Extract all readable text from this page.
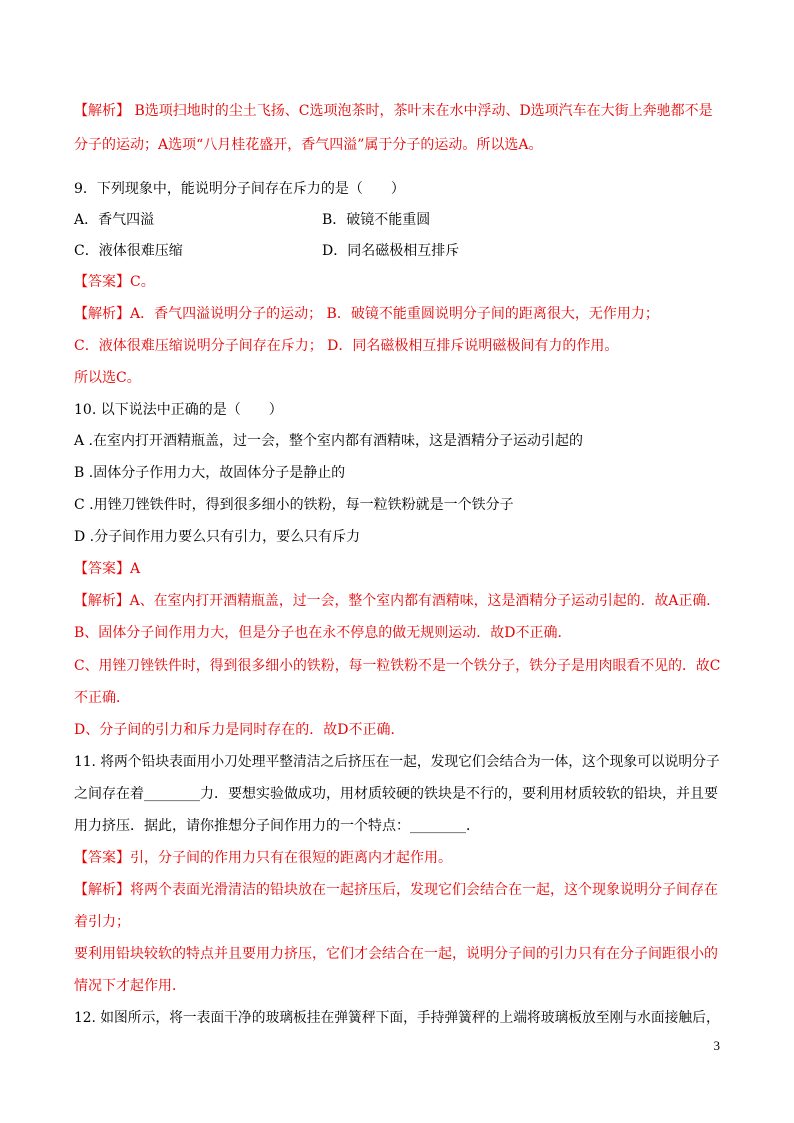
【解析】 B选项扫地时的尘土飞扬、C选项泡茶时，茶叶末在水中浮动、D选项汽车在大街上奔驰都不是
分子的运动；A选项“八月桂花盛开，香气四溢”属于分子的运动。所以选A。
9．下列现象中，能说明分子间存在斥力的是（　　）
A．香气四溢	B．破镜不能重圆
C．液体很难压缩	D．同名磁极相互排斥
【答案】C。
【解析】A．香气四溢说明分子的运动； B．破镜不能重圆说明分子间的距离很大，无作用力；
C．液体很难压缩说明分子间存在斥力； D．同名磁极相互排斥说明磁极间有力的作用。
所以选C。
10. 以下说法中正确的是（　　）
A .在室内打开酒精瓶盖，过一会，整个室内都有酒精味，这是酒精分子运动引起的
B .固体分子作用力大，故固体分子是静止的
C .用锉刀锉铁件时，得到很多细小的铁粉，每一粒铁粉就是一个铁分子
D .分子间作用力要么只有引力，要么只有斥力
【答案】A
【解析】A、在室内打开酒精瓶盖，过一会，整个室内都有酒精味，这是酒精分子运动引起的．故A正确．
B、固体分子间作用力大，但是分子也在永不停息的做无规则运动．故D不正确．
C、用锉刀锉铁件时，得到很多细小的铁粉，每一粒铁粉不是一个铁分子，铁分子是用肉眼看不见的．故C
不正确．
D、分子间的引力和斥力是同时存在的．故D不正确．
11. 将两个铅块表面用小刀处理平整清洁之后挤压在一起，发现它们会结合为一体，这个现象可以说明分子
之间存在着________力．要想实验做成功，用材质较硬的铁块是不行的，要利用材质较软的铅块，并且要
用力挤压．据此，请你推想分子间作用力的一个特点：________．
【答案】引，分子间的作用力只有在很短的距离内才起作用。
【解析】将两个表面光滑清洁的铅块放在一起挤压后，发现它们会结合在一起，这个现象说明分子间存在
着引力；
要利用铅块较软的特点并且要用力挤压，它们才会结合在一起，说明分子间的引力只有在分子间距很小的
情况下才起作用．
12. 如图所示，将一表面干净的玻璃板挂在弹簧秤下面，手持弹簧秤的上端将玻璃板放至刚与水面接触后，
3
